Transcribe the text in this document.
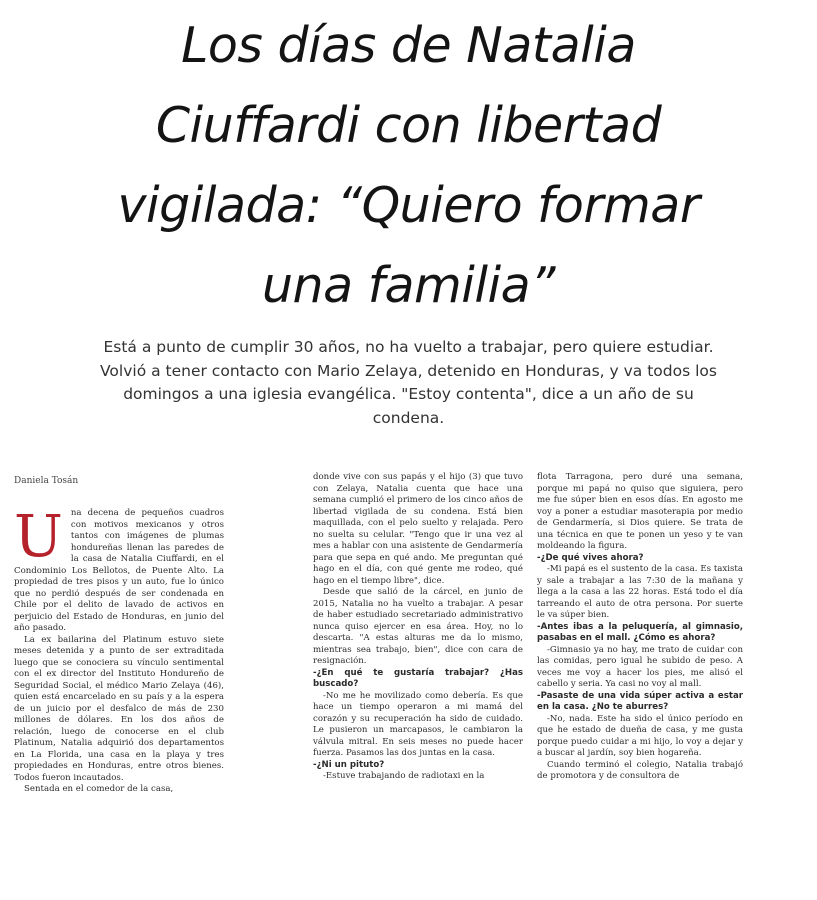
Los días de Natalia
Ciuffardi con libertad
vigilada: “Quiero formar
una familia”

Está a punto de cumplir 30 años, no ha vuelto a trabajar, pero quiere estudiar. Volvió a tener contacto con Mario Zelaya, detenido en Honduras, y va todos los domingos a una iglesia evangélica. "Estoy contenta", dice a un año de su condena.

Daniela Tosán
U na decena de pequeños cuadros con motivos mexicanos y otros tantos con imágenes de plumas hondureñas llenan las paredes de la casa de Natalia Ciuffardi, en el Condominio Los Bellotos, de Puente Alto. La propiedad de tres pisos y un auto, fue lo único que no perdió después de ser condenada en Chile por el delito de lavado de activos en perjuicio del Estado de Honduras, en junio del año pasado.

La ex bailarina del Platinum estuvo siete meses detenida y a punto de ser extraditada luego que se conociera su vínculo sentimental con el ex director del Instituto Hondureño de Seguridad Social, el médico Mario Zelaya (46), quien está encarcelado en su país y a la espera de un juicio por el desfalco de más de 230 millones de dólares. En los dos años de relación, luego de conocerse en el club Platinum, Natalia adquirió dos departamentos en La Florida, una casa en la playa y tres propiedades en Honduras, entre otros bienes. Todos fueron incautados.

Sentada en el comedor de la casa,

donde vive con sus papás y el hijo (3) que tuvo con Zelaya, Natalia cuenta que hace una semana cumplió el primero de los cinco años de libertad vigilada de su condena. Está bien maquillada, con el pelo suelto y relajada. Pero no suelta su celular. "Tengo que ir una vez al mes a hablar con una asistente de Gendarmería para que sepa en qué ando. Me preguntan qué hago en el día, con qué gente me rodeo, qué hago en el tiempo libre", dice.

Desde que salió de la cárcel, en junio de 2015, Natalia no ha vuelto a trabajar. A pesar de haber estudiado secretariado administrativo nunca quiso ejercer en esa área. Hoy, no lo descarta. "A estas alturas me da lo mismo, mientras sea trabajo, bien", dice con cara de resignación.

-¿En qué te gustaría trabajar? ¿Has buscado?

-No me he movilizado como debería. Es que hace un tiempo operaron a mi mamá del corazón y su recuperación ha sido de cuidado. Le pusieron un marcapasos, le cambiaron la válvula mitral. En seis meses no puede hacer fuerza. Pasamos las dos juntas en la casa.

-¿Ni un pituto?

-Estuve trabajando de radiotaxi en la

flota Tarragona, pero duré una semana, porque mi papá no quiso que siguiera, pero me fue súper bien en esos días. En agosto me voy a poner a estudiar masoterapia por medio de Gendarmería, si Dios quiere. Se trata de una técnica en que te ponen un yeso y te van moldeando la figura.

-¿De qué vives ahora?

-Mi papá es el sustento de la casa. Es taxista y sale a trabajar a las 7:30 de la mañana y llega a la casa a las 22 horas. Está todo el día tarreando el auto de otra persona. Por suerte le va súper bien.

-Antes ibas a la peluquería, al gimnasio, pasabas en el mall. ¿Cómo es ahora?

-Gimnasio ya no hay, me trato de cuidar con las comidas, pero igual he subido de peso. A veces me voy a hacer los pies, me alisó el cabello y seria. Ya casi no voy al mall.

-Pasaste de una vida súper activa a estar en la casa. ¿No te aburres?

-No, nada. Este ha sido el único período en que he estado de dueña de casa, y me gusta porque puedo cuidar a mi hijo, lo voy a dejar y a buscar al jardín, soy bien hogareña.

Cuando terminó el colegio, Natalia trabajó de promotora y de consultora de
